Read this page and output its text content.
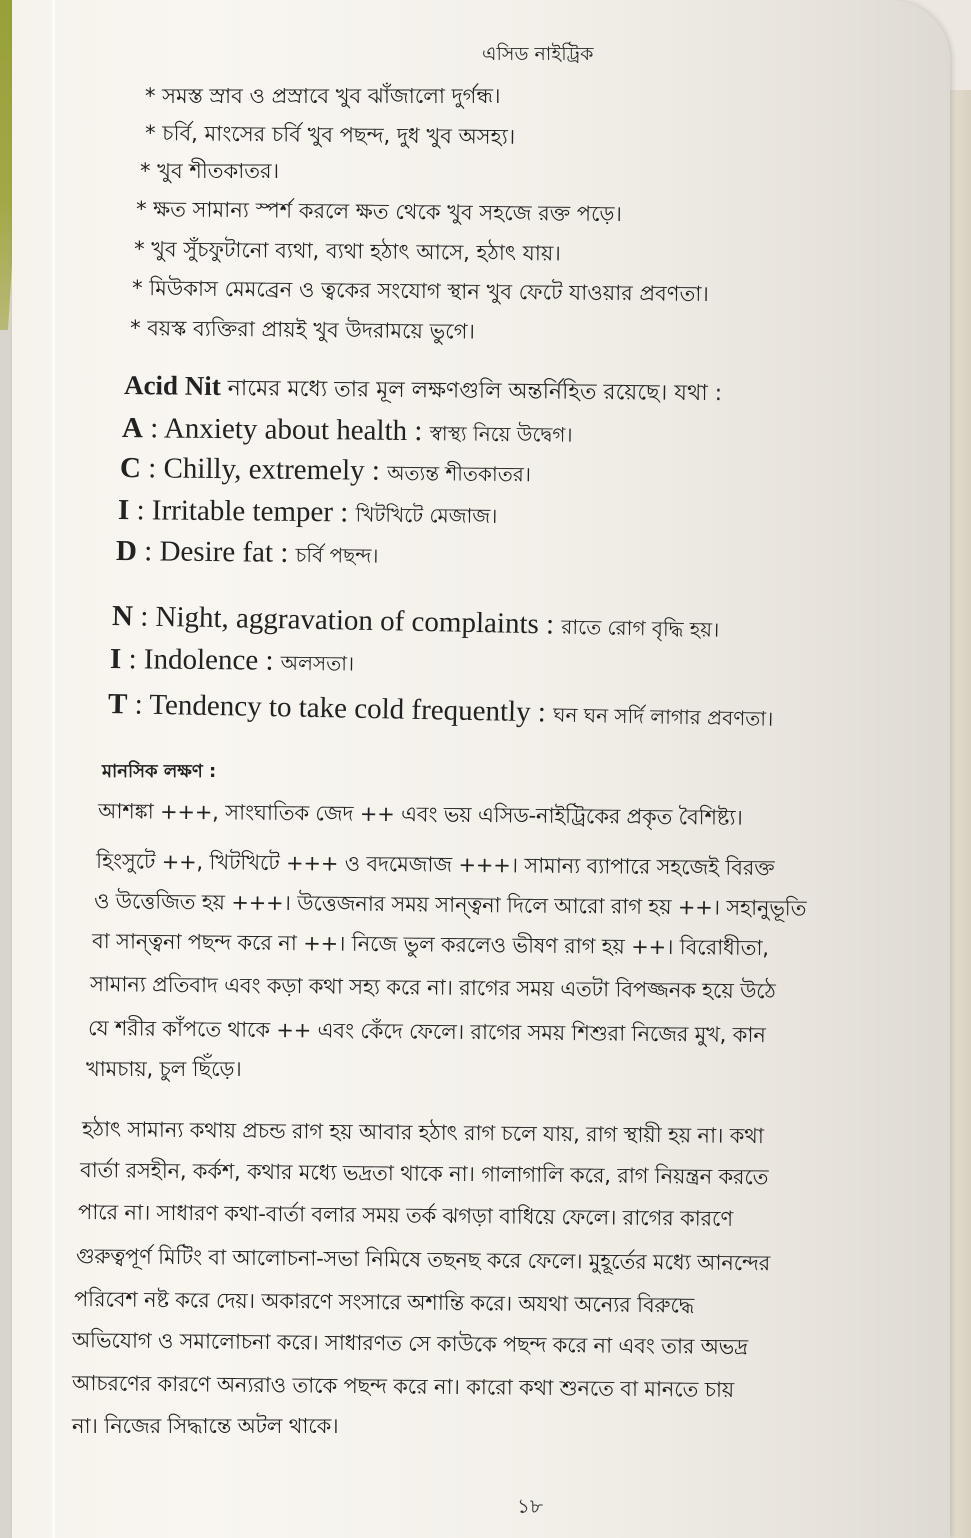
এসিড নাইট্রিক
* সমস্ত স্রাব ও প্রস্রাবে খুব ঝাঁজালো দুর্গন্ধ।
* চর্বি, মাংসের চর্বি খুব পছন্দ, দুধ খুব অসহ্য।
* খুব শীতকাতর।
* ক্ষত সামান্য স্পর্শ করলে ক্ষত থেকে খুব সহজে রক্ত পড়ে।
* খুব সুঁচফুটানো ব্যথা, ব্যথা হঠাৎ আসে, হঠাৎ যায়।
* মিউকাস মেমব্রেন ও ত্বকের সংযোগ স্থান খুব ফেটে যাওয়ার প্রবণতা।
* বয়স্ক ব্যক্তিরা প্রায়ই খুব উদরাময়ে ভুগে।
Acid Nit নামের মধ্যে তার মূল লক্ষণগুলি অন্তর্নিহিত রয়েছে। যথা :
A : Anxiety about health : স্বাস্থ্য নিয়ে উদ্বেগ।
C : Chilly, extremely : অত্যন্ত শীতকাতর।
I : Irritable temper : খিটখিটে মেজাজ।
D : Desire fat : চর্বি পছন্দ।
N : Night, aggravation of complaints : রাতে রোগ বৃদ্ধি হয়।
I : Indolence : অলসতা।
T : Tendency to take cold frequently : ঘন ঘন সর্দি লাগার প্রবণতা।
মানসিক লক্ষণ :
আশঙ্কা +++, সাংঘাতিক জেদ ++ এবং ভয় এসিড-নাইট্রিকের প্রকৃত বৈশিষ্ট্য।
হিংসুটে ++, খিটখিটে +++ ও বদমেজাজ +++। সামান্য ব্যাপারে সহজেই বিরক্ত
ও উত্তেজিত হয় +++। উত্তেজনার সময় সান্ত্বনা দিলে আরো রাগ হয় ++। সহানুভূতি
বা সান্ত্বনা পছন্দ করে না ++। নিজে ভুল করলেও ভীষণ রাগ হয় ++। বিরোধীতা,
সামান্য প্রতিবাদ এবং কড়া কথা সহ্য করে না। রাগের সময় এতটা বিপজ্জনক হয়ে উঠে
যে শরীর কাঁপতে থাকে ++ এবং কেঁদে ফেলে। রাগের সময় শিশুরা নিজের মুখ, কান
খামচায়, চুল ছিঁড়ে।
হঠাৎ সামান্য কথায় প্রচন্ড রাগ হয় আবার হঠাৎ রাগ চলে যায়, রাগ স্থায়ী হয় না। কথা
বার্তা রসহীন, কর্কশ, কথার মধ্যে ভদ্রতা থাকে না। গালাগালি করে, রাগ নিয়ন্ত্রন করতে
পারে না। সাধারণ কথা-বার্তা বলার সময় তর্ক ঝগড়া বাধিয়ে ফেলে। রাগের কারণে
গুরুত্বপূর্ণ মিটিং বা আলোচনা-সভা নিমিষে তছনছ করে ফেলে। মুহূর্তের মধ্যে আনন্দের
পরিবেশ নষ্ট করে দেয়। অকারণে সংসারে অশান্তি করে। অযথা অন্যের বিরুদ্ধে
অভিযোগ ও সমালোচনা করে। সাধারণত সে কাউকে পছন্দ করে না এবং তার অভদ্র
আচরণের কারণে অন্যরাও তাকে পছন্দ করে না। কারো কথা শুনতে বা মানতে চায়
না। নিজের সিদ্ধান্তে অটল থাকে।
১৮
